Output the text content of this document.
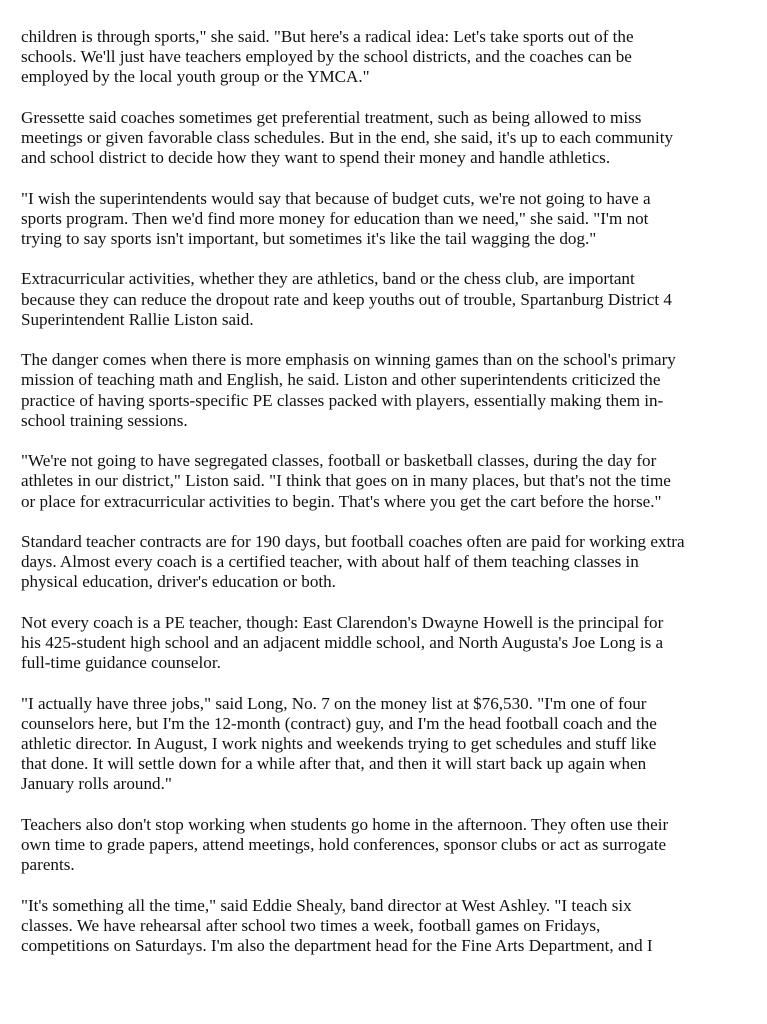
children is through sports," she said. "But here's a radical idea: Let's take sports out of the
schools. We'll just have teachers employed by the school districts, and the coaches can be
employed by the local youth group or the YMCA."

Gressette said coaches sometimes get preferential treatment, such as being allowed to miss
meetings or given favorable class schedules. But in the end, she said, it's up to each community
and school district to decide how they want to spend their money and handle athletics.

"I wish the superintendents would say that because of budget cuts, we're not going to have a
sports program. Then we'd find more money for education than we need," she said. "I'm not
trying to say sports isn't important, but sometimes it's like the tail wagging the dog."

Extracurricular activities, whether they are athletics, band or the chess club, are important
because they can reduce the dropout rate and keep youths out of trouble, Spartanburg District 4
Superintendent Rallie Liston said.

The danger comes when there is more emphasis on winning games than on the school's primary
mission of teaching math and English, he said. Liston and other superintendents criticized the
practice of having sports-specific PE classes packed with players, essentially making them in-
school training sessions.

"We're not going to have segregated classes, football or basketball classes, during the day for
athletes in our district," Liston said. "I think that goes on in many places, but that's not the time
or place for extracurricular activities to begin. That's where you get the cart before the horse."

Standard teacher contracts are for 190 days, but football coaches often are paid for working extra
days. Almost every coach is a certified teacher, with about half of them teaching classes in
physical education, driver's education or both.

Not every coach is a PE teacher, though: East Clarendon's Dwayne Howell is the principal for
his 425-student high school and an adjacent middle school, and North Augusta's Joe Long is a
full-time guidance counselor.

"I actually have three jobs," said Long, No. 7 on the money list at $76,530. "I'm one of four
counselors here, but I'm the 12-month (contract) guy, and I'm the head football coach and the
athletic director. In August, I work nights and weekends trying to get schedules and stuff like
that done. It will settle down for a while after that, and then it will start back up again when
January rolls around."

Teachers also don't stop working when students go home in the afternoon. They often use their
own time to grade papers, attend meetings, hold conferences, sponsor clubs or act as surrogate
parents.

"It's something all the time," said Eddie Shealy, band director at West Ashley. "I teach six
classes. We have rehearsal after school two times a week, football games on Fridays,
competitions on Saturdays. I'm also the department head for the Fine Arts Department, and I
